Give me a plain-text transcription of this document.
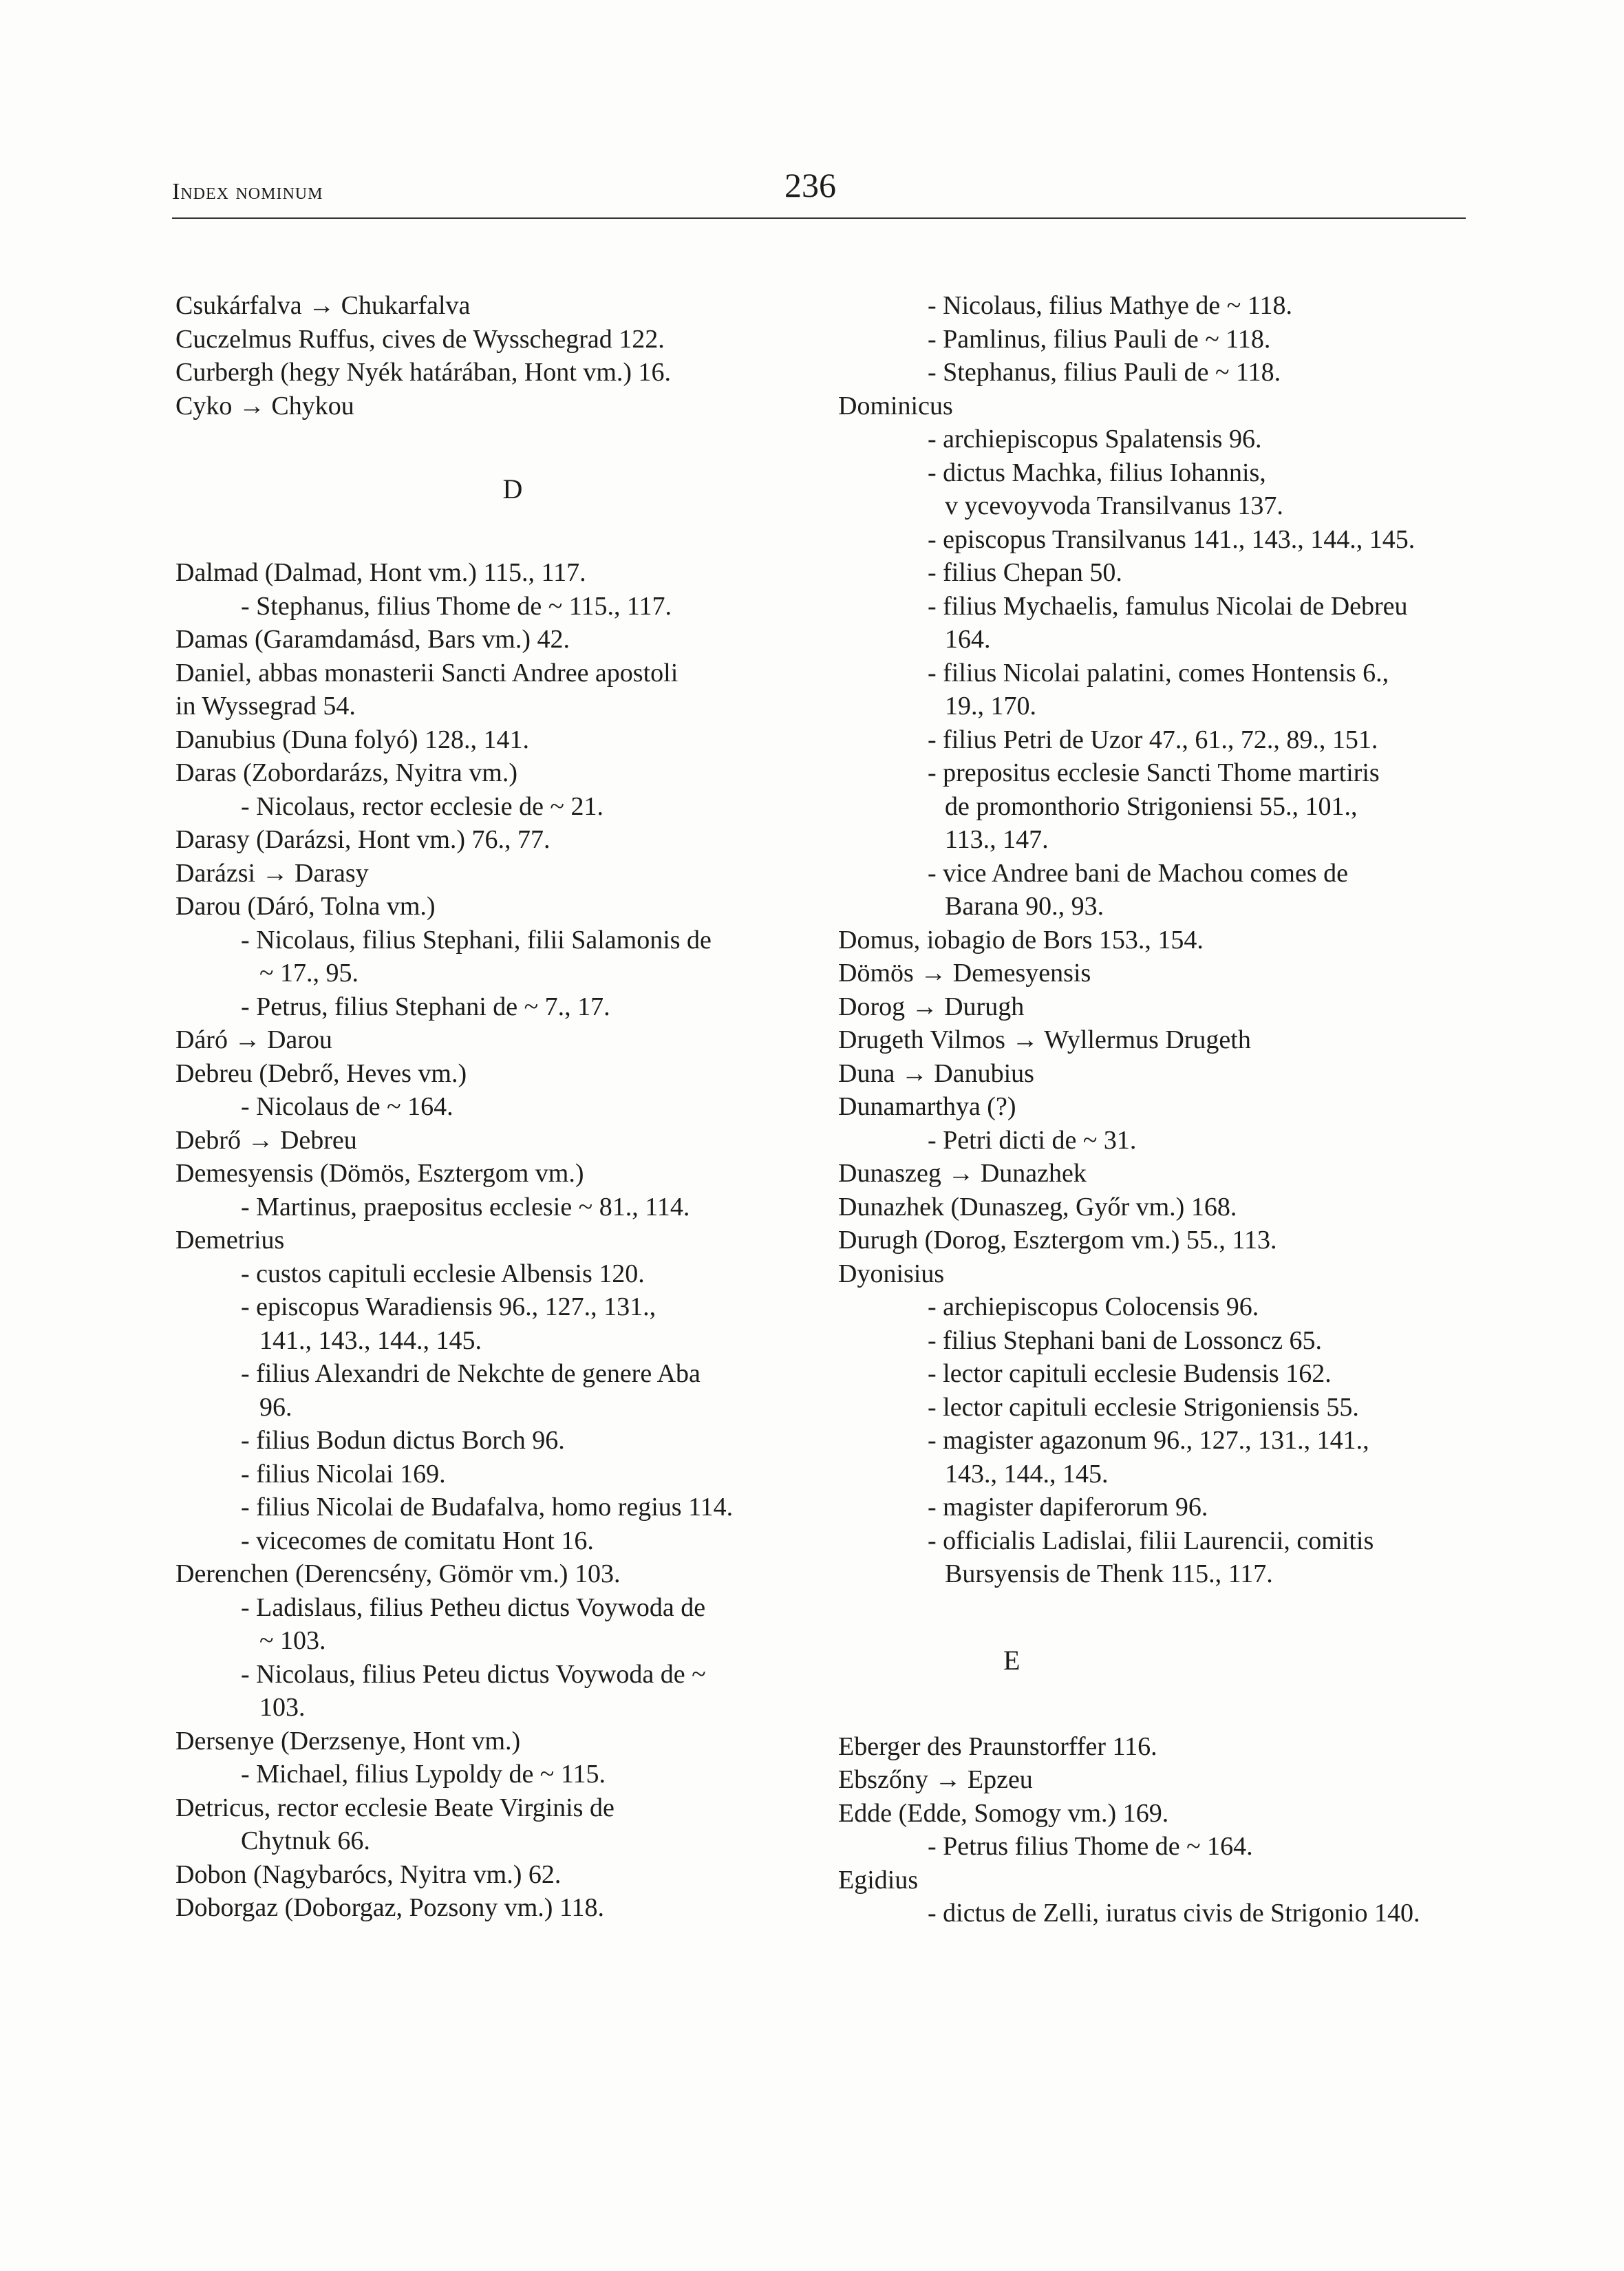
Index nominum	236
Csukárfalva → Chukarfalva
Cuczelmus Ruffus, cives de Wysschegrad 122.
Curbergh (hegy Nyék határában, Hont vm.) 16.
Cyko → Chykou
D
Dalmad (Dalmad, Hont vm.) 115., 117.
- Stephanus, filius Thome de ~ 115., 117.
Damas (Garamdamásd, Bars vm.) 42.
Daniel, abbas monasterii Sancti Andree apostoli
in Wyssegrad 54.
Danubius (Duna folyó) 128., 141.
Daras (Zobordarázs, Nyitra vm.)
- Nicolaus, rector ecclesie de ~ 21.
Darasy (Darázsi, Hont vm.) 76., 77.
Darázsi → Darasy
Darou (Dáró, Tolna vm.)
- Nicolaus, filius Stephani, filii Salamonis de
~ 17., 95.
- Petrus, filius Stephani de ~ 7., 17.
Dáró → Darou
Debreu (Debrő, Heves vm.)
- Nicolaus de ~ 164.
Debrő → Debreu
Demesyensis (Dömös, Esztergom vm.)
- Martinus, praepositus ecclesie ~ 81., 114.
Demetrius
- custos capituli ecclesie Albensis 120.
- episcopus Waradiensis 96., 127., 131.,
141., 143., 144., 145.
- filius Alexandri de Nekchte de genere Aba
96.
- filius Bodun dictus Borch 96.
- filius Nicolai 169.
- filius Nicolai de Budafalva, homo regius 114.
- vicecomes de comitatu Hont 16.
Derenchen (Derencsény, Gömör vm.) 103.
- Ladislaus, filius Petheu dictus Voywoda de
~ 103.
- Nicolaus, filius Peteu dictus Voywoda de ~
103.
Dersenye (Derzsenye, Hont vm.)
- Michael, filius Lypoldy de ~ 115.
Detricus, rector ecclesie Beate Virginis de
Chytnuk 66.
Dobon (Nagybarócs, Nyitra vm.) 62.
Doborgaz (Doborgaz, Pozsony vm.) 118.
- Nicolaus, filius Mathye de ~ 118.
- Pamlinus, filius Pauli de ~ 118.
- Stephanus, filius Pauli de ~ 118.
Dominicus
- archiepiscopus Spalatensis 96.
- dictus Machka, filius Iohannis,
v ycevoyvoda Transilvanus 137.
- episcopus Transilvanus 141., 143., 144., 145.
- filius Chepan 50.
- filius Mychaelis, famulus Nicolai de Debreu
164.
- filius Nicolai palatini, comes Hontensis 6.,
19., 170.
- filius Petri de Uzor 47., 61., 72., 89., 151.
- prepositus ecclesie Sancti Thome martiris
de promonthorio Strigoniensi 55., 101.,
113., 147.
- vice Andree bani de Machou comes de
Barana 90., 93.
Domus, iobagio de Bors 153., 154.
Dömös → Demesyensis
Dorog → Durugh
Drugeth Vilmos → Wyllermus Drugeth
Duna → Danubius
Dunamarthya (?)
- Petri dicti de ~ 31.
Dunaszeg → Dunazhek
Dunazhek (Dunaszeg, Győr vm.) 168.
Durugh (Dorog, Esztergom vm.) 55., 113.
Dyonisius
- archiepiscopus Colocensis 96.
- filius Stephani bani de Lossoncz 65.
- lector capituli ecclesie Budensis 162.
- lector capituli ecclesie Strigoniensis 55.
- magister agazonum 96., 127., 131., 141.,
143., 144., 145.
- magister dapiferorum 96.
- officialis Ladislai, filii Laurencii, comitis
Bursyensis de Thenk 115., 117.
E
Eberger des Praunstorffer 116.
Ebszőny → Epzeu
Edde (Edde, Somogy vm.) 169.
- Petrus filius Thome de ~ 164.
Egidius
- dictus de Zelli, iuratus civis de Strigonio 140.
